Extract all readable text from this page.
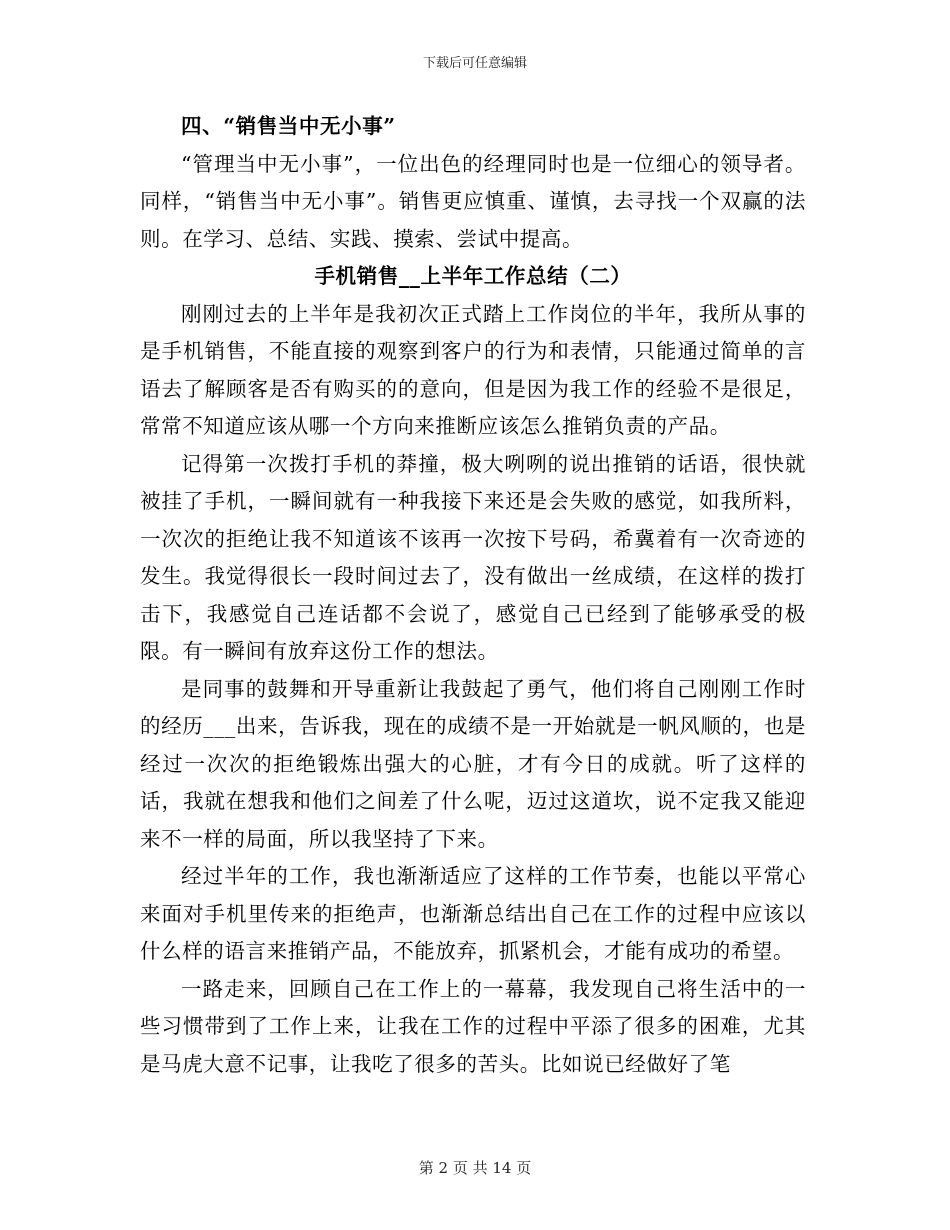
下载后可任意编辑

四、“销售当中无小事”

“管理当中无小事”，一位出色的经理同时也是一位细心的领导者。同样，“销售当中无小事”。销售更应慎重、谨慎，去寻找一个双赢的法则。在学习、总结、实践、摸索、尝试中提高。

手机销售__上半年工作总结（二）

刚刚过去的上半年是我初次正式踏上工作岗位的半年，我所从事的是手机销售，不能直接的观察到客户的行为和表情，只能通过简单的言语去了解顾客是否有购买的的意向，但是因为我工作的经验不是很足，常常不知道应该从哪一个方向来推断应该怎么推销负责的产品。

记得第一次拨打手机的莽撞，极大咧咧的说出推销的话语，很快就被挂了手机，一瞬间就有一种我接下来还是会失败的感觉，如我所料，一次次的拒绝让我不知道该不该再一次按下号码，希冀着有一次奇迹的发生。我觉得很长一段时间过去了，没有做出一丝成绩，在这样的拨打击下，我感觉自己连话都不会说了，感觉自己已经到了能够承受的极限。有一瞬间有放弃这份工作的想法。

是同事的鼓舞和开导重新让我鼓起了勇气，他们将自己刚刚工作时的经历___出来，告诉我，现在的成绩不是一开始就是一帆风顺的，也是经过一次次的拒绝锻炼出强大的心脏，才有今日的成就。听了这样的话，我就在想我和他们之间差了什么呢，迈过这道坎，说不定我又能迎来不一样的局面，所以我坚持了下来。

经过半年的工作，我也渐渐适应了这样的工作节奏，也能以平常心来面对手机里传来的拒绝声，也渐渐总结出自己在工作的过程中应该以什么样的语言来推销产品，不能放弃，抓紧机会，才能有成功的希望。

一路走来，回顾自己在工作上的一幕幕，我发现自己将生活中的一些习惯带到了工作上来，让我在工作的过程中平添了很多的困难，尤其是马虎大意不记事，让我吃了很多的苦头。比如说已经做好了笔

第 2 页 共 14 页
